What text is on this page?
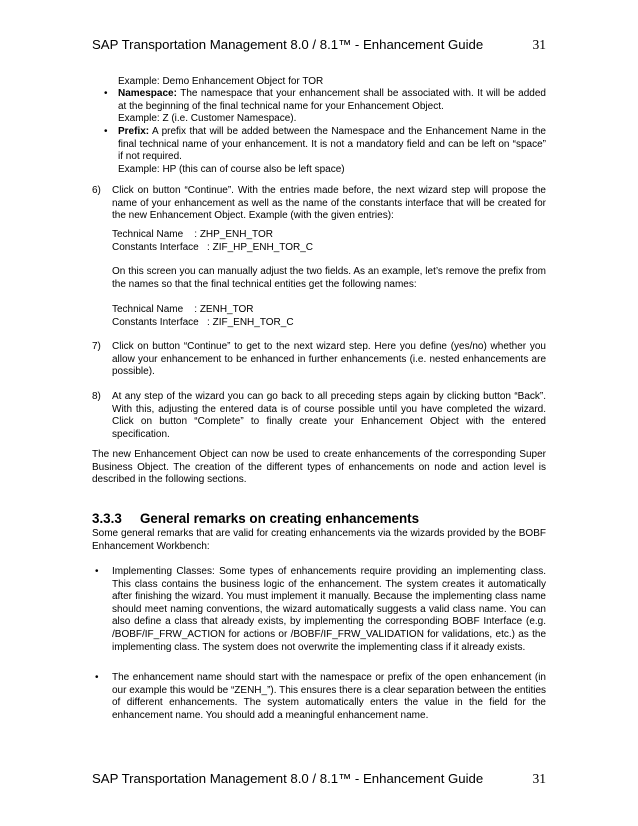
SAP Transportation Management 8.0 / 8.1™ - Enhancement Guide	31

Example: Demo Enhancement Object for TOR

• Namespace: The namespace that your enhancement shall be associated with. It will be added at the beginning of the final technical name for your Enhancement Object.
Example: Z (i.e. Customer Namespace).
• Prefix: A prefix that will be added between the Namespace and the Enhancement Name in the final technical name of your enhancement. It is not a mandatory field and can be left on “space” if not required.
Example: HP (this can of course also be left space)
6) Click on button “Continue”. With the entries made before, the next wizard step will propose the name of your enhancement as well as the name of the constants interface that will be created for the new Enhancement Object. Example (with the given entries):

Technical Name    : ZHP_ENH_TOR

Constants Interface   : ZIF_HP_ENH_TOR_C

On this screen you can manually adjust the two fields. As an example, let’s remove the prefix from the names so that the final technical entities get the following names:

Technical Name    : ZENH_TOR

Constants Interface   : ZIF_ENH_TOR_C

7) Click on button “Continue” to get to the next wizard step. Here you define (yes/no) whether you allow your enhancement to be enhanced in further enhancements (i.e. nested enhancements are possible).

8) At any step of the wizard you can go back to all preceding steps again by clicking button “Back”. With this, adjusting the entered data is of course possible until you have completed the wizard. Click on button “Complete” to finally create your Enhancement Object with the entered specification.

The new Enhancement Object can now be used to create enhancements of the corresponding Super Business Object. The creation of the different types of enhancements on node and action level is described in the following sections.

3.3.3 General remarks on creating enhancements

Some general remarks that are valid for creating enhancements via the wizards provided by the BOBF Enhancement Workbench:

• Implementing Classes: Some types of enhancements require providing an implementing class. This class contains the business logic of the enhancement. The system creates it automatically after finishing the wizard. You must implement it manually. Because the implementing class name should meet naming conventions, the wizard automatically suggests a valid class name. You can also define a class that already exists, by implementing the corresponding BOBF Interface (e.g. /BOBF/IF_FRW_ACTION for actions or /BOBF/IF_FRW_VALIDATION for validations, etc.) as the implementing class. The system does not overwrite the implementing class if it already exists.

• The enhancement name should start with the namespace or prefix of the open enhancement (in our example this would be “ZENH_”). This ensures there is a clear separation between the entities of different enhancements. The system automatically enters the value in the field for the enhancement name. You should add a meaningful enhancement name.

SAP Transportation Management 8.0 / 8.1™ - Enhancement Guide	31
